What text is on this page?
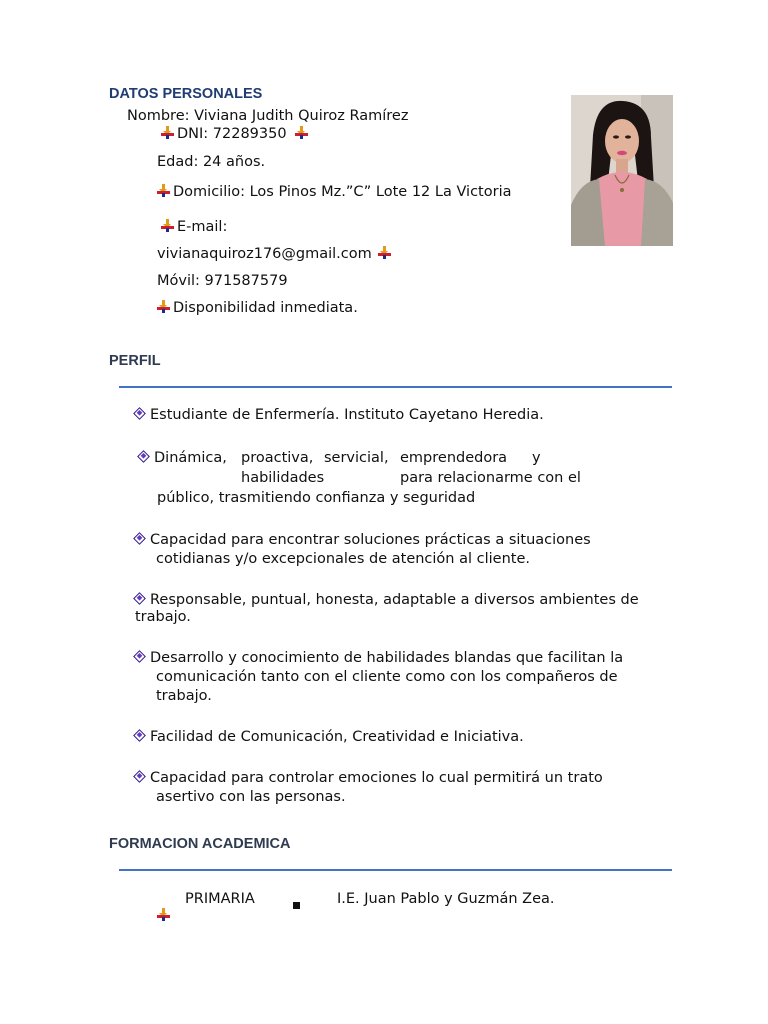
DATOS PERSONALES
Nombre: Viviana Judith Quiroz Ramírez
DNI: 72289350
Edad: 24 años.
Domicilio: Los Pinos Mz.”C” Lote 12 La Victoria
E-mail:
vivianaquiroz176@gmail.com
Móvil: 971587579
Disponibilidad inmediata.
PERFIL
Estudiante de Enfermería. Instituto Cayetano Heredia.
Dinámica, proactiva, servicial, emprendedora y
habilidades	para relacionarme con el
público, trasmitiendo confianza y seguridad
Capacidad para encontrar soluciones prácticas a situaciones
cotidianas y/o excepcionales de atención al cliente.
Responsable, puntual, honesta, adaptable a diversos ambientes de
trabajo.
Desarrollo y conocimiento de habilidades blandas que facilitan la
comunicación tanto con el cliente como con los compañeros de
trabajo.
Facilidad de Comunicación, Creatividad e Iniciativa.
Capacidad para controlar emociones lo cual permitirá un trato
asertivo con las personas.
FORMACION ACADEMICA
PRIMARIA	I.E. Juan Pablo y Guzmán Zea.
